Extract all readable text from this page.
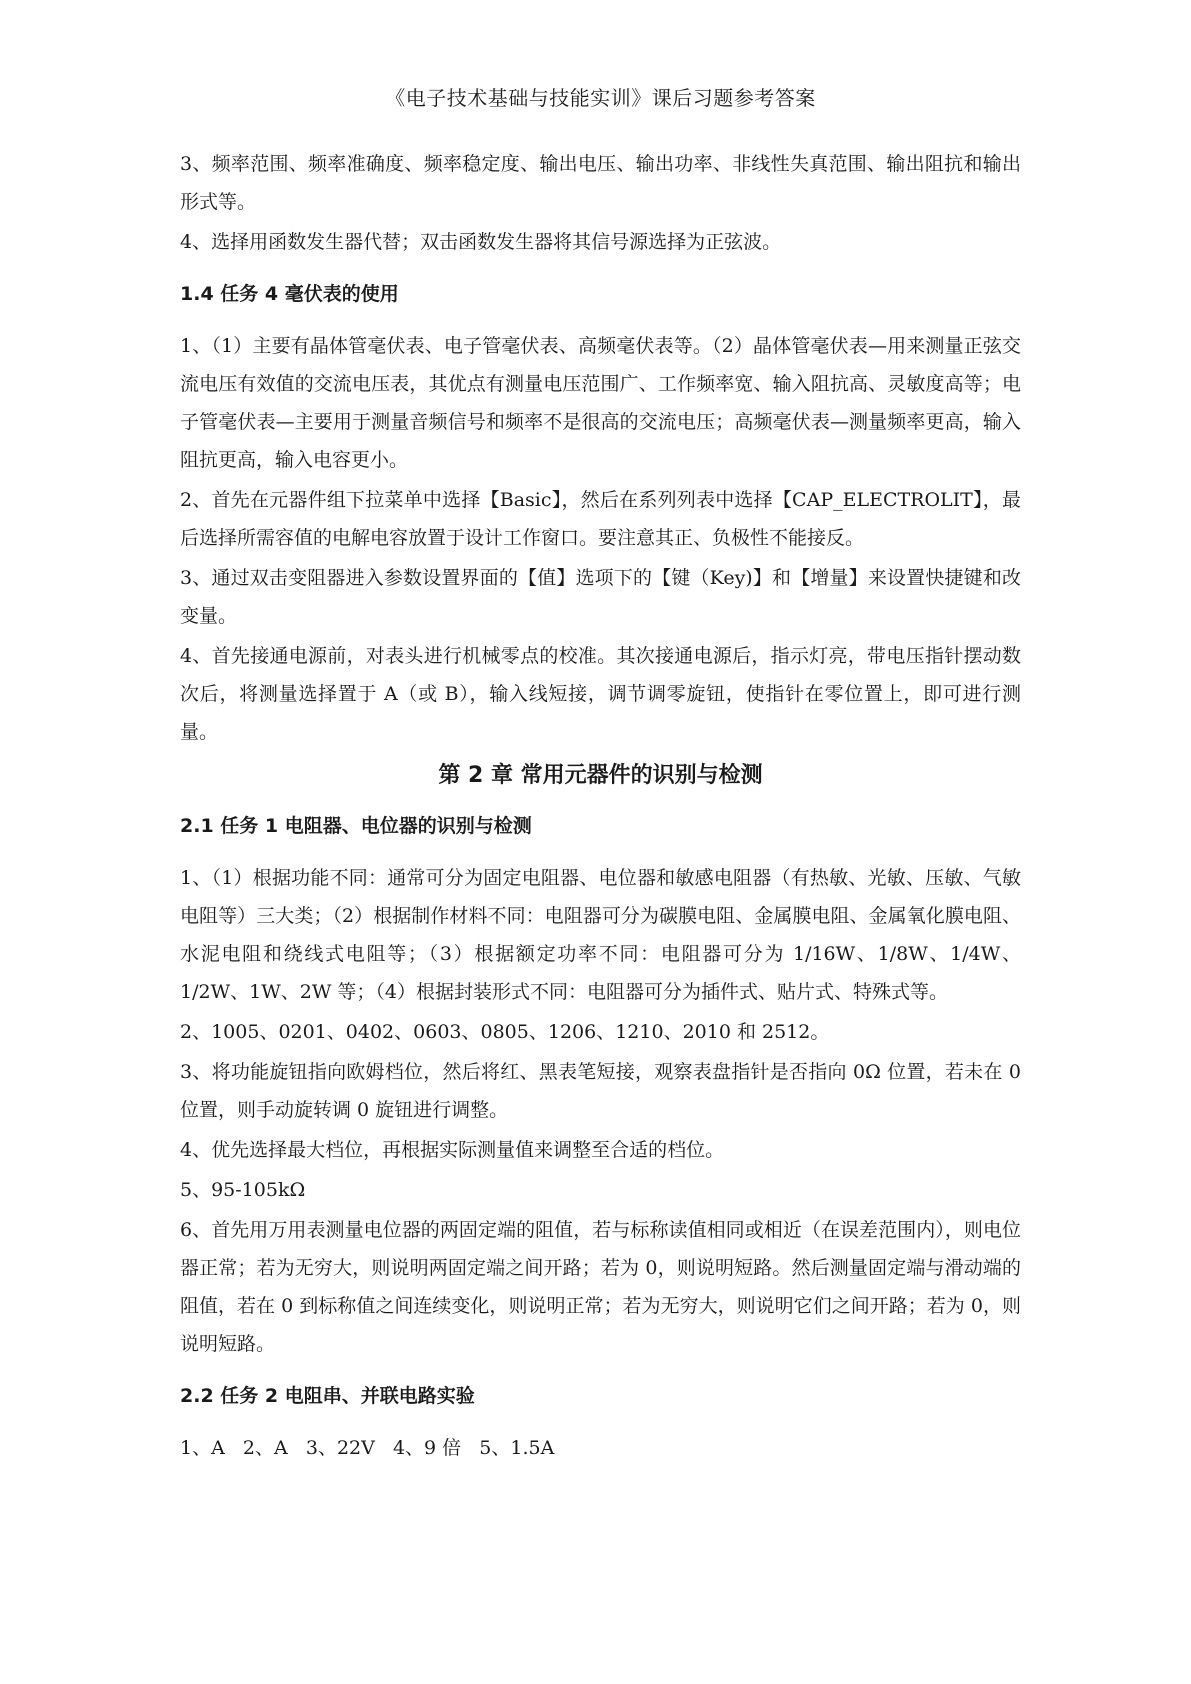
《电子技术基础与技能实训》课后习题参考答案

3、频率范围、频率准确度、频率稳定度、输出电压、输出功率、非线性失真范围、输出阻抗和输出形式等。

4、选择用函数发生器代替；双击函数发生器将其信号源选择为正弦波。

1.4 任务 4 毫伏表的使用

1、（1）主要有晶体管毫伏表、电子管毫伏表、高频毫伏表等。（2）晶体管毫伏表—用来测量正弦交流电压有效值的交流电压表，其优点有测量电压范围广、工作频率宽、输入阻抗高、灵敏度高等；电子管毫伏表—主要用于测量音频信号和频率不是很高的交流电压；高频毫伏表—测量频率更高，输入阻抗更高，输入电容更小。

2、首先在元器件组下拉菜单中选择【Basic】，然后在系列列表中选择【CAP_ELECTROLIT】，最后选择所需容值的电解电容放置于设计工作窗口。要注意其正、负极性不能接反。

3、通过双击变阻器进入参数设置界面的【值】选项下的【键（Key)】和【增量】来设置快捷键和改变量。

4、首先接通电源前，对表头进行机械零点的校准。其次接通电源后，指示灯亮，带电压指针摆动数次后，将测量选择置于 A（或 B），输入线短接，调节调零旋钮，使指针在零位置上，即可进行测量。

第 2 章 常用元器件的识别与检测
2.1 任务 1 电阻器、电位器的识别与检测

1、（1）根据功能不同：通常可分为固定电阻器、电位器和敏感电阻器（有热敏、光敏、压敏、气敏电阻等）三大类；（2）根据制作材料不同：电阻器可分为碳膜电阻、金属膜电阻、金属氧化膜电阻、水泥电阻和绕线式电阻等；（3）根据额定功率不同：电阻器可分为 1/16W、1/8W、1/4W、1/2W、1W、2W 等；（4）根据封装形式不同：电阻器可分为插件式、贴片式、特殊式等。

2、1005、0201、0402、0603、0805、1206、1210、2010 和 2512。

3、将功能旋钮指向欧姆档位，然后将红、黑表笔短接，观察表盘指针是否指向 0Ω 位置，若未在 0 位置，则手动旋转调 0 旋钮进行调整。

4、优先选择最大档位，再根据实际测量值来调整至合适的档位。

5、95-105kΩ

6、首先用万用表测量电位器的两固定端的阻值，若与标称读值相同或相近（在误差范围内），则电位器正常；若为无穷大，则说明两固定端之间开路；若为 0，则说明短路。然后测量固定端与滑动端的阻值，若在 0 到标称值之间连续变化，则说明正常；若为无穷大，则说明它们之间开路；若为 0，则说明短路。

2.2 任务 2 电阻串、并联电路实验

1、A   2、A   3、22V   4、9 倍   5、1.5A
